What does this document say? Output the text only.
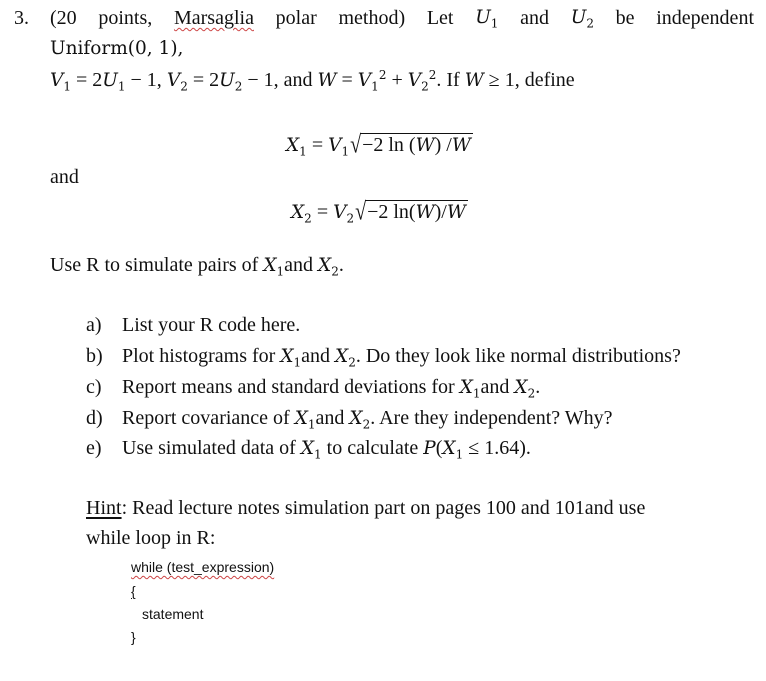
3. (20 points, Marsaglia polar method) Let $U_1$ and $U_2$ be independent
Uniform(0, 1),
$V_1 = 2U_1 - 1$, $V_2 = 2U_2 - 1$, and $W = V_1^2 + V_2^2$. If W ≥ 1, define
$X_1 = V_1√-2$ ln (W) /W
and
$X_2 = V_2√-2$ ln(W)/W
Use R to simulate pairs of $X_1and$ $X_2$.
a) List your R code here.
b) Plot histograms for $X_1and$ $X_2$. Do they look like normal distributions?
c) Report means and standard deviations for $X_1and$ $X_2$.
d) Report covariance of $X_1and$ $X_2$. Are they independent? Why?
e) Use simulated data of $X_1$ to calculate $P(X_1 \le 1.64)$.
Hint: Read lecture notes simulation part on pages 100 and 101and use
while loop in R:
while (test_expression)
{
statement
}
